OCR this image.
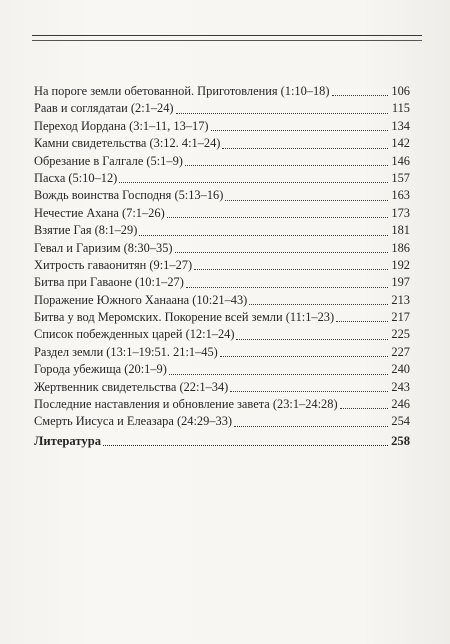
На пороге земли обетованной. Приготовления (1:10–18)	106
Раав и соглядатаи (2:1–24)	115
Переход Иордана (3:1–11, 13–17)	134
Камни свидетельства (3:12. 4:1–24)	142
Обрезание в Галгале (5:1–9)	146
Пасха (5:10–12)	157
Вождь воинства Господня (5:13–16)	163
Нечестие Ахана (7:1–26)	173
Взятие Гая (8:1–29)	181
Гевал и Гаризим (8:30–35)	186
Хитрость гаваонитян (9:1–27)	192
Битва при Гаваоне (10:1–27)	197
Поражение Южного Ханаана (10:21–43)	213
Битва у вод Меромских. Покорение всей земли (11:1–23)	217
Список побежденных царей (12:1–24)	225
Раздел земли (13:1–19:51. 21:1–45)	227
Города убежища (20:1–9)	240
Жертвенник свидетельства (22:1–34)	243
Последние наставления и обновление завета (23:1–24:28)	246
Смерть Иисуса и Елеазара (24:29–33)	254
Литература	258
